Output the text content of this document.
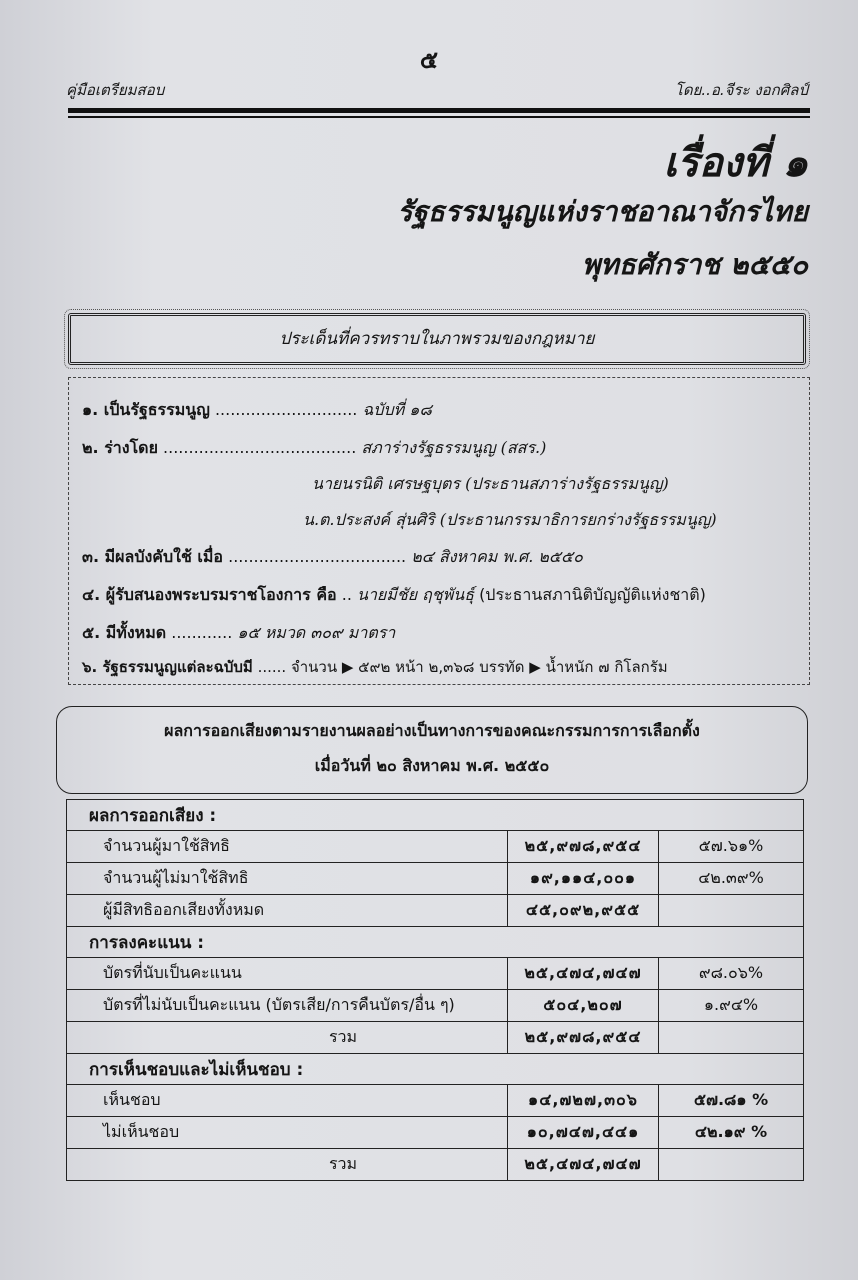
๕
คู่มือเตรียมสอบ	โดย..อ.จีระ งอกศิลป์
เรื่องที่ ๑
รัฐธรรมนูญแห่งราชอาณาจักรไทย
พุทธศักราช ๒๕๕๐
ประเด็นที่ควรทราบในภาพรวมของกฎหมาย
๑. เป็นรัฐธรรมนูญ ............................ ฉบับที่ ๑๘
๒. ร่างโดย ...................................... สภาร่างรัฐธรรมนูญ (สสร.)
นายนรนิติ เศรษฐบุตร (ประธานสภาร่างรัฐธรรมนูญ)
น.ต.ประสงค์ สุ่นศิริ (ประธานกรรมาธิการยกร่างรัฐธรรมนูญ)
๓. มีผลบังคับใช้ เมื่อ ................................... ๒๔ สิงหาคม พ.ศ. ๒๕๕๐
๔. ผู้รับสนองพระบรมราชโองการ คือ .. นายมีชัย ฤชุพันธุ์ (ประธานสภานิติบัญญัติแห่งชาติ)
๕. มีทั้งหมด ............ ๑๕ หมวด ๓๐๙ มาตรา
๖. รัฐธรรมนูญแต่ละฉบับมี ...... จำนวน ▶ ๕๙๒ หน้า ๒,๓๖๘ บรรทัด ▶ น้ำหนัก ๗ กิโลกรัม
ผลการออกเสียงตามรายงานผลอย่างเป็นทางการของคณะกรรมการการเลือกตั้ง
เมื่อวันที่ ๒๐ สิงหาคม พ.ศ. ๒๕๕๐
ผลการออกเสียง :		
จำนวนผู้มาใช้สิทธิ	๒๕,๙๗๘,๙๕๔	๕๗.๖๑%
จำนวนผู้ไม่มาใช้สิทธิ	๑๙,๑๑๔,๐๐๑	๔๒.๓๙%
ผู้มีสิทธิออกเสียงทั้งหมด	๔๕,๐๙๒,๙๕๕	
การลงคะแนน :		
บัตรที่นับเป็นคะแนน	๒๕,๔๗๔,๗๔๗	๙๘.๐๖%
บัตรที่ไม่นับเป็นคะแนน (บัตรเสีย/การคืนบัตร/อื่น ๆ)	๕๐๔,๒๐๗	๑.๙๔%
รวม	๒๕,๙๗๘,๙๕๔	
การเห็นชอบและไม่เห็นชอบ :		
เห็นชอบ	๑๔,๗๒๗,๓๐๖	๕๗.๘๑ %
ไม่เห็นชอบ	๑๐,๗๔๗,๔๔๑	๔๒.๑๙ %
รวม	๒๕,๔๗๔,๗๔๗	
